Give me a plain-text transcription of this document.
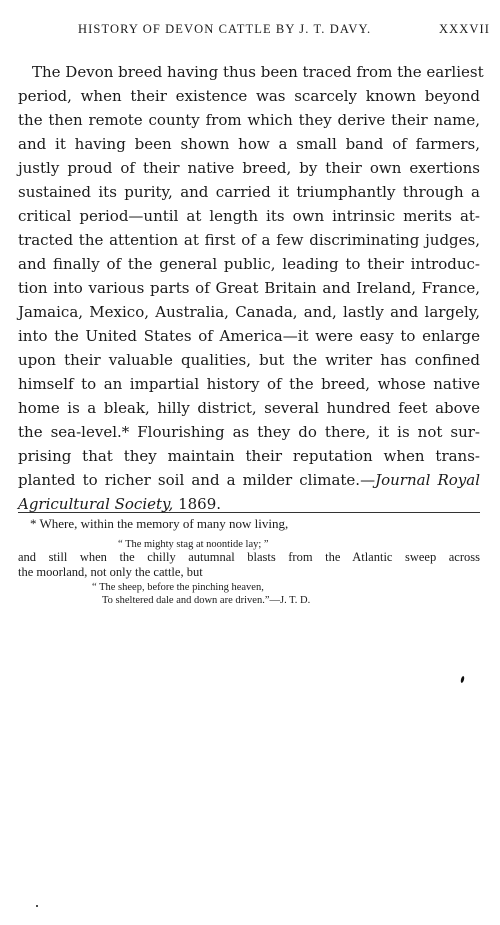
HISTORY OF DEVON CATTLE BY J. T. DAVY.	XXXVII
The Devon breed having thus been traced from the earliest
period, when their existence was scarcely known beyond
the then remote county from which they derive their name,
and it having been shown how a small band of farmers,
justly proud of their native breed, by their own exertions
sustained its purity, and carried it triumphantly through a
critical period—until at length its own intrinsic merits at-
tracted the attention at first of a few discriminating judges,
and finally of the general public, leading to their introduc-
tion into various parts of Great Britain and Ireland, France,
Jamaica, Mexico, Australia, Canada, and, lastly and largely,
into the United States of America—it were easy to enlarge
upon their valuable qualities, but the writer has confined
himself to an impartial history of the breed, whose native
home is a bleak, hilly district, several hundred feet above
the sea-level.* Flourishing as they do there, it is not sur-
prising that they maintain their reputation when trans-
planted to richer soil and a milder climate.—Journal Royal
Agricultural Society, 1869.
* Where, within the memory of many now living,
“ The mighty stag at noontide lay; ”
and still when the chilly autumnal blasts from the Atlantic sweep across
the moorland, not only the cattle, but
“ The sheep, before the pinching heaven,
To sheltered dale and down are driven.”—J. T. D.
